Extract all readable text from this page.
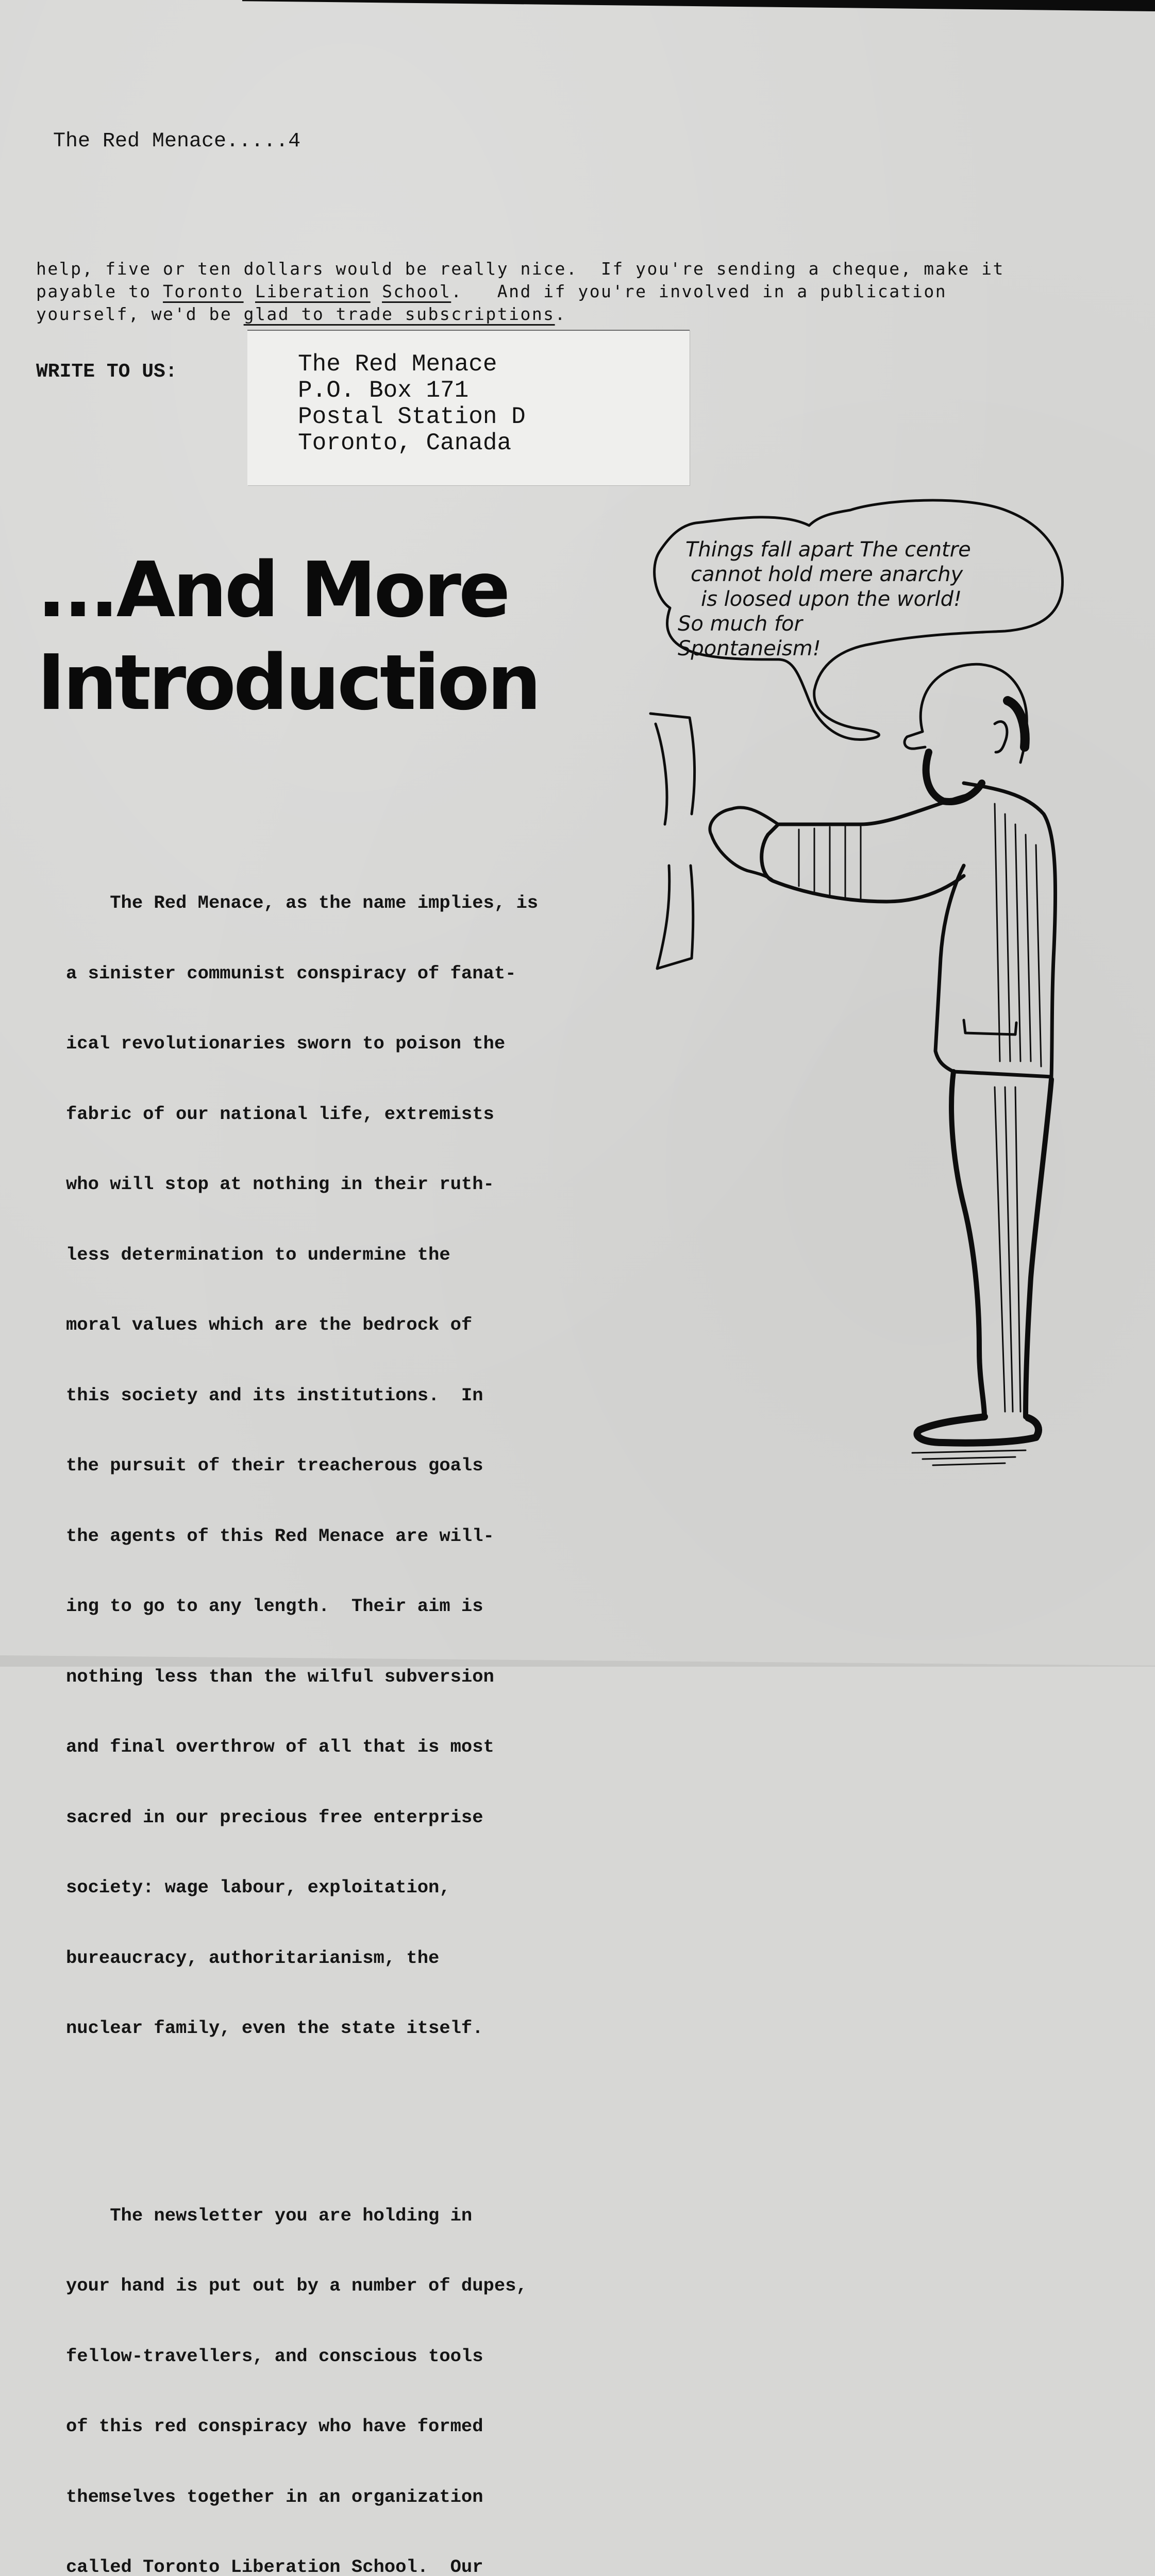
The Red Menace.....4
help, five or ten dollars would be really nice.  If you're sending a cheque, make it
payable to Toronto Liberation School.   And if you're involved in a publication
yourself, we'd be glad to trade subscriptions.
WRITE TO US:	The Red Menace
P.O. Box 171
Postal Station D
Toronto, Canada
...And More
Introduction

The Red Menace, as the name implies, is

a sinister communist conspiracy of fanat-

ical revolutionaries sworn to poison the

fabric of our national life, extremists

who will stop at nothing in their ruth-

less determination to undermine the

moral values which are the bedrock of

this society and its institutions.  In

the pursuit of their treacherous goals

the agents of this Red Menace are will-

ing to go to any length.  Their aim is

nothing less than the wilful subversion

and final overthrow of all that is most

sacred in our precious free enterprise

society: wage labour, exploitation,

bureaucracy, authoritarianism, the

nuclear family, even the state itself.

The newsletter you are holding in

your hand is put out by a number of dupes,

fellow-travellers, and conscious tools

of this red conspiracy who have formed

themselves together in an organization

called Toronto Liberation School.  Our

Things fall apart The centre
cannot hold mere anarchy
is loosed upon the world!
So much for
Spontaneism!
